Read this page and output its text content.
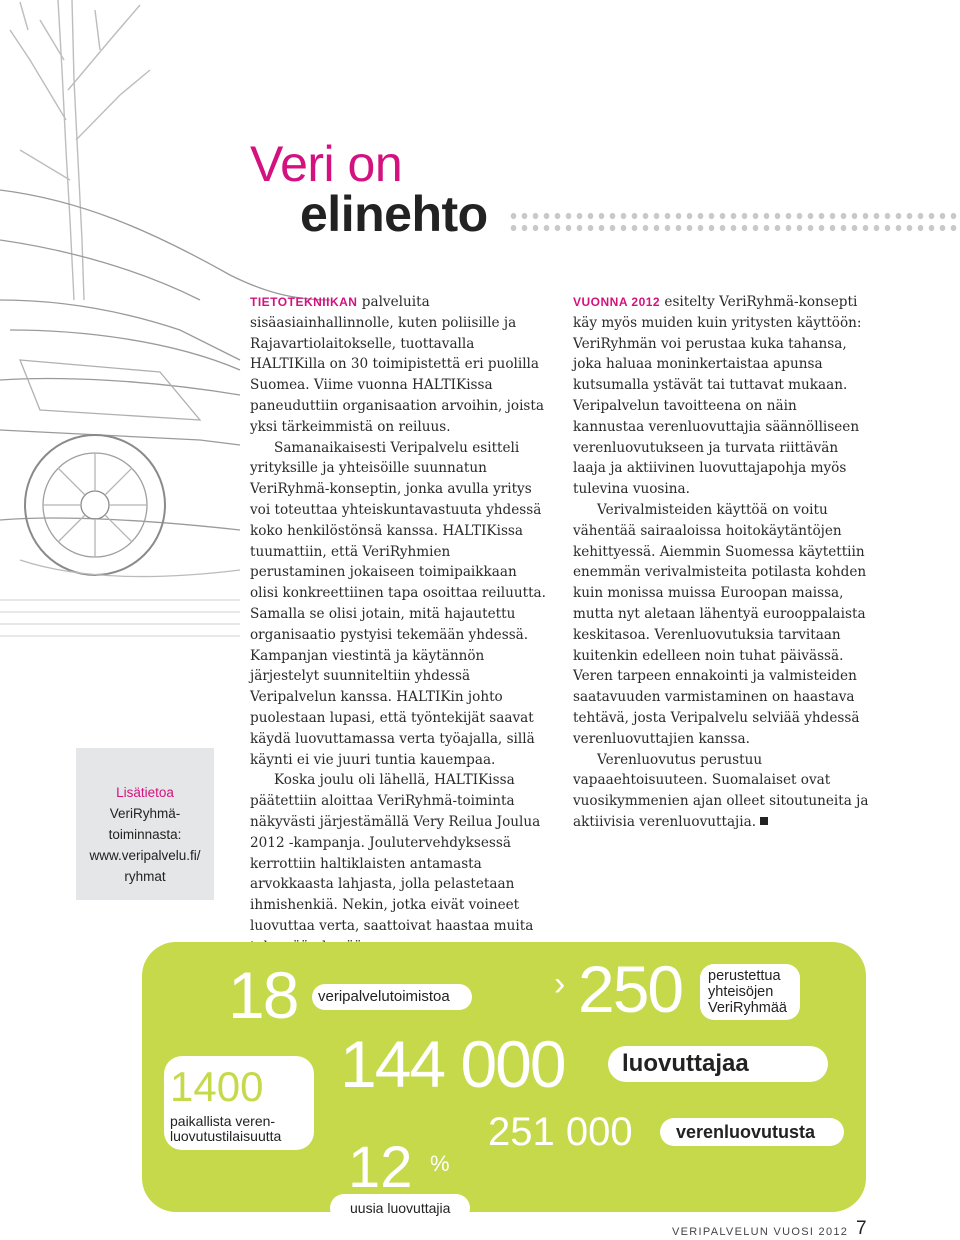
Veri on
elinehto

TIETOTEKNIIKAN palveluita sisäasiainhallinnolle, kuten poliisille ja Rajavartiolaitokselle, tuottavalla HALTIKilla on 30 toimipistettä eri puolilla Suomea. Viime vuonna HALTIKissa paneuduttiin organisaation arvoihin, joista yksi tärkeimmistä on reiluus.

Samanaikaisesti Veripalvelu esitteli yrityksille ja yhteisöille suunnatun VeriRyhmä-konseptin, jonka avulla yritys voi toteuttaa yhteiskuntavastuuta yhdessä koko henkilöstönsä kanssa. HALTIKissa tuumattiin, että VeriRyhmien perustaminen jokaiseen toimipaikkaan olisi konkreettiinen tapa osoittaa reiluutta. Samalla se olisi jotain, mitä hajautettu organisaatio pystyisi tekemään yhdessä. Kampanjan viestintä ja käytännön järjestelyt suunniteltiin yhdessä Veripalvelun kanssa. HALTIKin johto puolestaan lupasi, että työntekijät saavat käydä luovuttamassa verta työajalla, sillä käynti ei vie juuri tuntia kauempaa.

Koska joulu oli lähellä, HALTIKissa päätettiin aloittaa VeriRyhmä-toiminta näkyvästi järjestämällä Very Reilua Joulua 2012 -kampanja. Joulutervehdyksessä kerrottiin haltiklaisten antamasta arvokkaasta lahjasta, jolla pelastetaan ihmishenkiä. Nekin, jotka eivät voineet luovuttaa verta, saattoivat haastaa muita

VUONNA 2012 esitelty VeriRyhmä-konsepti käy myös muiden kuin yritysten käyttöön: VeriRyhmän voi perustaa kuka tahansa, joka haluaa moninkertaistaa apunsa kutsumalla ystävät tai tuttavat mukaan. Veripalvelun tavoitteena on näin kannustaa verenluovuttajia säännölliseen verenluovutukseen ja turvata riittävän laaja ja aktiivinen luovuttajapohja myös tulevina vuosina.

Verivalmisteiden käyttöä on voitu vähentää sairaaloissa hoitokäytäntöjen kehittyessä. Aiemmin Suomessa käytettiin enemmän verivalmisteita potilasta kohden kuin monissa muissa Euroopan maissa, mutta nyt aletaan lähentyä eurooppalaista keskitasoa. Verenluovutuksia tarvitaan kuitenkin edelleen noin tuhat päivässä. Veren tarpeen ennakointi ja valmisteiden saatavuuden varmistaminen on haastava tehtävä, josta Veripalvelu selviää yhdessä verenluovuttajien kanssa.

Verenluovutus perustuu vapaaehtoisuuteen. Suomalaiset ovat vuosikymmenien ajan olleet sitoutuneita ja aktiivisia verenluovuttajia.

Lisätietoa
VeriRyhmä-
toiminnasta:
www.veripalvelu.fi/
ryhmat
18	veripalvelutoimistoa	› 250 perustettua
yhteisöjen
VeriRyhmää
144 000 luovuttajaa
1400
paikallista veren-
luovutustilaisuutta	251 000 verenluovutusta
12 %
uusia luovuttajia
VERIPALVELUN VUOSI 2012 7
